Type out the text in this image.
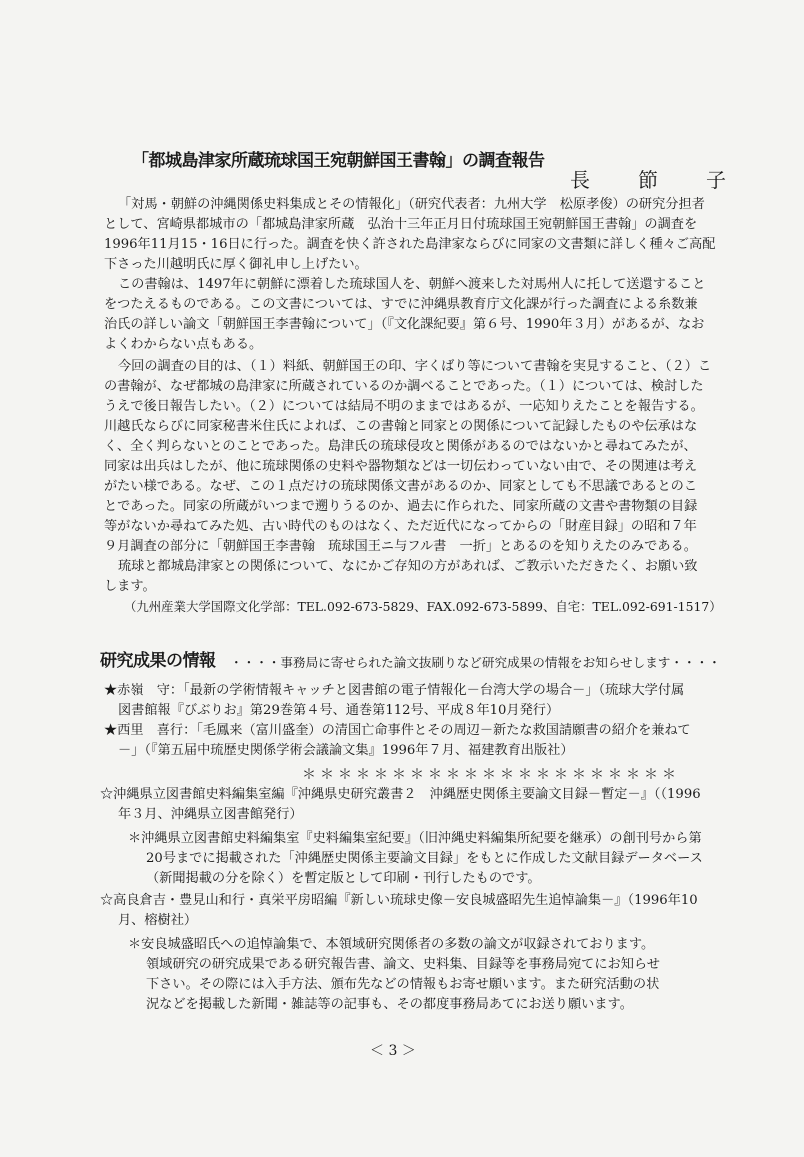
「都城島津家所蔵琉球国王宛朝鮮国王書翰」の調査報告
長　節　子
「対馬・朝鮮の沖縄関係史料集成とその情報化」（研究代表者：九州大学　松原孝俊）の研究分担者
として、宮崎県都城市の「都城島津家所蔵　弘治十三年正月日付琉球国王宛朝鮮国王書翰」の調査を
1996年11月15・16日に行った。調査を快く許された島津家ならびに同家の文書類に詳しく種々ご高配
下さった川越明氏に厚く御礼申し上げたい。
この書翰は、1497年に朝鮮に漂着した琉球国人を、朝鮮へ渡来した対馬州人に托して送還すること
をつたえるものである。この文書については、すでに沖縄県教育庁文化課が行った調査による糸数兼
治氏の詳しい論文「朝鮮国王李書翰について」（『文化課紀要』第６号、1990年３月）があるが、なお
よくわからない点もある。
今回の調査の目的は、（１）料紙、朝鮮国王の印、字くばり等について書翰を実見すること、（２）こ
の書翰が、なぜ都城の島津家に所蔵されているのか調べることであった。（１）については、検討した
うえで後日報告したい。（２）については結局不明のままではあるが、一応知りえたことを報告する。
川越氏ならびに同家秘書米住氏によれば、この書翰と同家との関係について記録したものや伝承はな
く、全く判らないとのことであった。島津氏の琉球侵攻と関係があるのではないかと尋ねてみたが、
同家は出兵はしたが、他に琉球関係の史料や器物類などは一切伝わっていない由で、その関連は考え
がたい様である。なぜ、この１点だけの琉球関係文書があるのか、同家としても不思議であるとのこ
とであった。同家の所蔵がいつまで遡りうるのか、過去に作られた、同家所蔵の文書や書物類の目録
等がないか尋ねてみた処、古い時代のものはなく、ただ近代になってからの「財産目録」の昭和７年
９月調査の部分に「朝鮮国王李書翰　琉球国王ニ与フル書　一折」とあるのを知りえたのみである。
琉球と都城島津家との関係について、なにかご存知の方があれば、ご教示いただきたく、お願い致
します。
（九州産業大学国際文化学部：TEL.092-673-5829、FAX.092-673-5899、自宅：TEL.092-691-1517）
研究成果の情報 ・・・・事務局に寄せられた論文抜刷りなど研究成果の情報をお知らせします・・・・
★赤嶺　守：「最新の学術情報キャッチと図書館の電子情報化－台湾大学の場合－」（琉球大学付属
図書館報『びぶりお』第29巻第４号、通巻第112号、平成８年10月発行）
★西里　喜行：「毛鳳来（富川盛奎）の清国亡命事件とその周辺－新たな救国請願書の紹介を兼ねて
－」（『第五届中琉歴史関係学術会議論文集』1996年７月、福建教育出版社）
＊＊＊＊＊＊＊＊＊＊＊＊＊＊＊＊＊＊＊＊＊
☆沖縄県立図書館史料編集室編『沖縄県史研究叢書２　沖縄歴史関係主要論文目録－暫定－』（（1996
年３月、沖縄県立図書館発行）
＊沖縄県立図書館史料編集室『史料編集室紀要』（旧沖縄史料編集所紀要を継承）の創刊号から第
20号までに掲載された「沖縄歴史関係主要論文目録」をもとに作成した文献目録データベース
（新聞掲載の分を除く）を暫定版として印刷・刊行したものです。
☆高良倉吉・豊見山和行・真栄平房昭編『新しい琉球史像－安良城盛昭先生追悼論集－』（1996年10
月、榕樹社）
＊安良城盛昭氏への追悼論集で、本領域研究関係者の多数の論文が収録されております。
領域研究の研究成果である研究報告書、論文、史料集、目録等を事務局宛てにお知らせ
下さい。その際には入手方法、頒布先などの情報もお寄せ願います。また研究活動の状
況などを掲載した新聞・雑誌等の記事も、その都度事務局あてにお送り願います。
＜ 3 ＞
